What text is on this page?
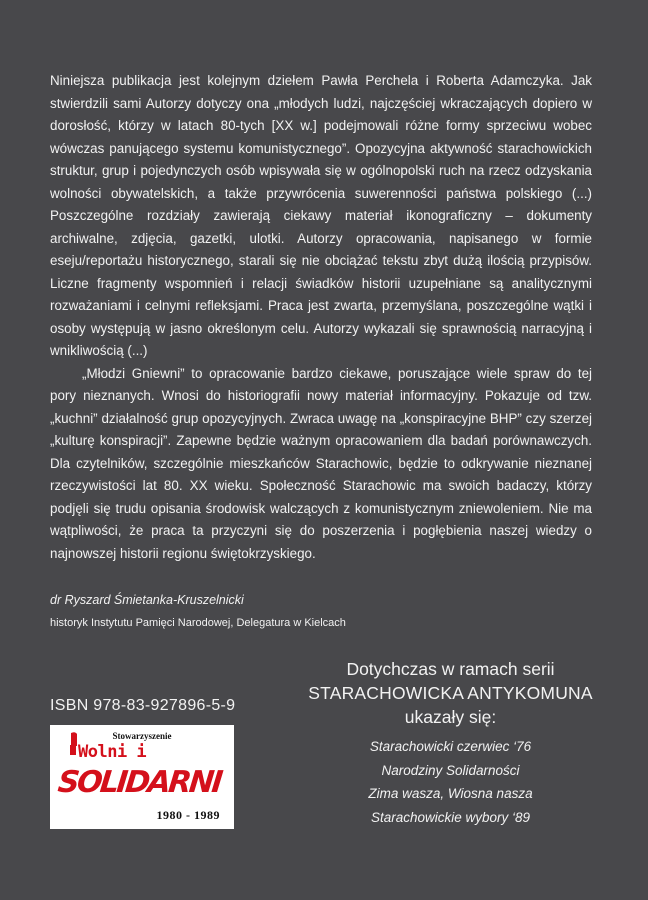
Niniejsza publikacja jest kolejnym dziełem Pawła Perchela i Roberta Adamczyka. Jak stwierdzili sami Autorzy dotyczy ona „młodych ludzi, najczęściej wkraczających dopiero w dorosłość, którzy w latach 80-tych [XX w.] podejmowali różne formy sprzeciwu wobec wówczas panującego systemu komunistycznego”. Opozycyjna aktywność starachowickich struktur, grup i pojedynczych osób wpisywała się w ogólnopolski ruch na rzecz odzyskania wolności obywatelskich, a także przywrócenia suwerenności państwa polskiego (...) Poszczególne rozdziały zawierają ciekawy materiał ikonograficzny – dokumenty archiwalne, zdjęcia, gazetki, ulotki. Autorzy opracowania, napisanego w formie eseju/reportażu historycznego, starali się nie obciążać tekstu zbyt dużą ilością przypisów. Liczne fragmenty wspomnień i relacji świadków historii uzupełniane są analitycznymi rozważaniami i celnymi refleksjami. Praca jest zwarta, przemyślana, poszczególne wątki i osoby występują w jasno określonym celu. Autorzy wykazali się sprawnością narracyjną i wnikliwością (...)

„Młodzi Gniewni” to opracowanie bardzo ciekawe, poruszające wiele spraw do tej pory nieznanych. Wnosi do historiografii nowy materiał informacyjny. Pokazuje od tzw. „kuchni” działalność grup opozycyjnych. Zwraca uwagę na „konspiracyjne BHP” czy szerzej „kulturę konspiracji”. Zapewne będzie ważnym opracowaniem dla badań porównawczych. Dla czytelników, szczególnie mieszkańców Starachowic, będzie to odkrywanie nieznanej rzeczywistości lat 80. XX wieku. Społeczność Starachowic ma swoich badaczy, którzy podjęli się trudu opisania środowisk walczących z komunistycznym zniewoleniem. Nie ma wątpliwości, że praca ta przyczyni się do poszerzenia i pogłębienia naszej wiedzy o najnowszej historii regionu świętokrzyskiego.

dr Ryszard Śmietanka-Kruszelnicki

historyk Instytutu Pamięci Narodowej, Delegatura w Kielcach

Dotychczas w ramach serii
STARACHOWICKA ANTYKOMUNA
ukazały się:
Starachowicki czerwiec ‘76
Narodziny Solidarności
Zima wasza, Wiosna nasza
Starachowickie wybory ‘89

ISBN 978-83-927896-5-9

Stowarzyszenie
Wolni i
SOLIDARNI
1980 - 1989
